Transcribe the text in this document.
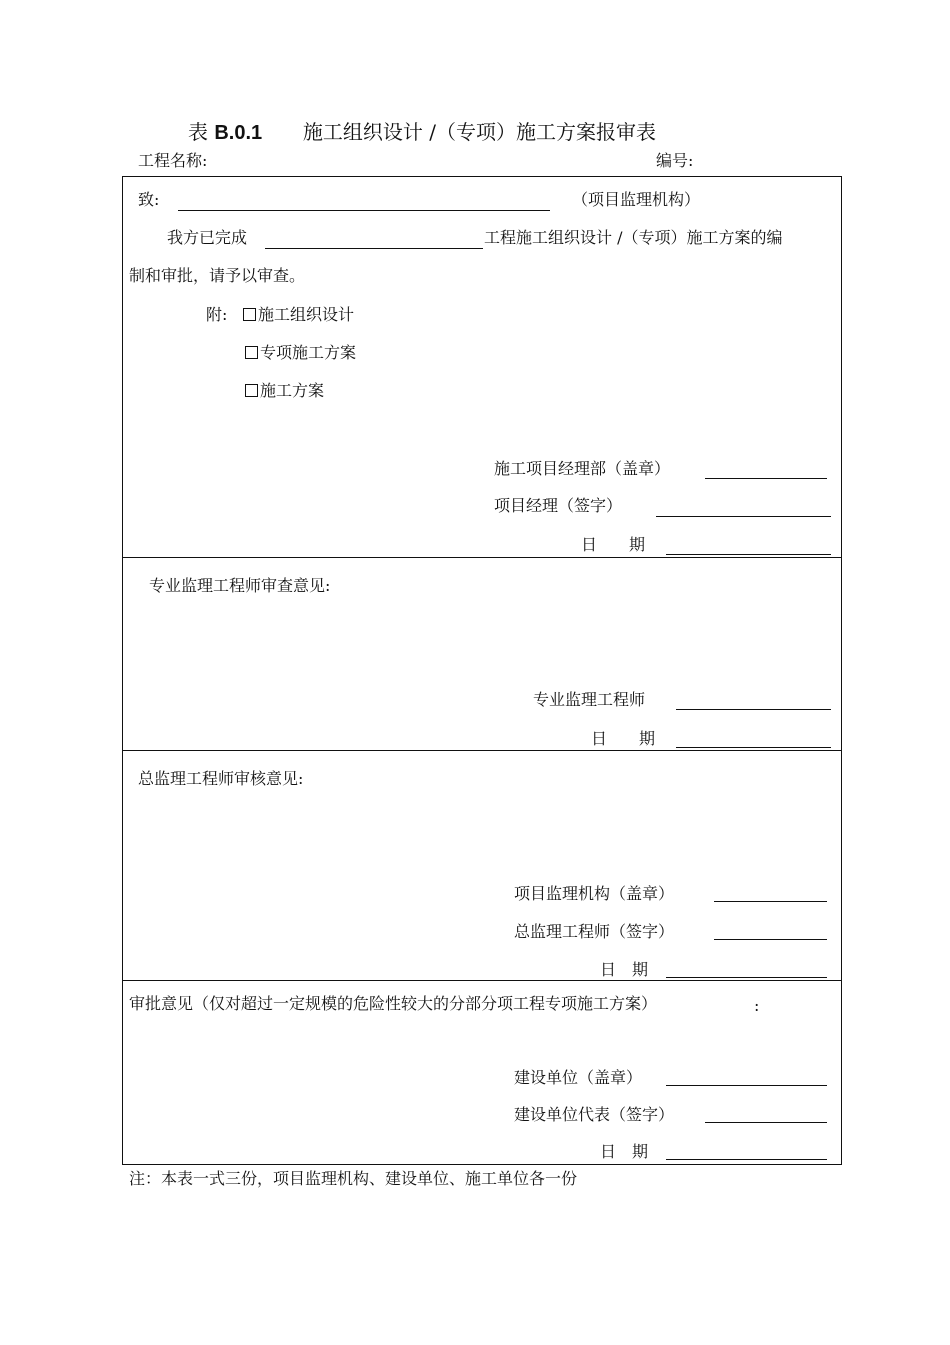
表 B.0.1 施工组织设计 /（专项）施工方案报审表
工程名称:	编号:
致:	（项目监理机构）
我方已完成	工程施工组织设计 /（专项）施工方案的编
制和审批，请予以审查。
附:	施工组织设计
专项施工方案
施工方案
施工项目经理部（盖章）
项目经理（签字）
日　　期
专业监理工程师审查意见:
专业监理工程师
日　　期
总监理工程师审核意见:
项目监理机构（盖章）
总监理工程师（签字）
日　期
审批意见（仅对超过一定规模的危险性较大的分部分项工程专项施工方案）	:
建设单位（盖章）
建设单位代表（签字）
日　期
注：本表一式三份，项目监理机构、建设单位、施工单位各一份
